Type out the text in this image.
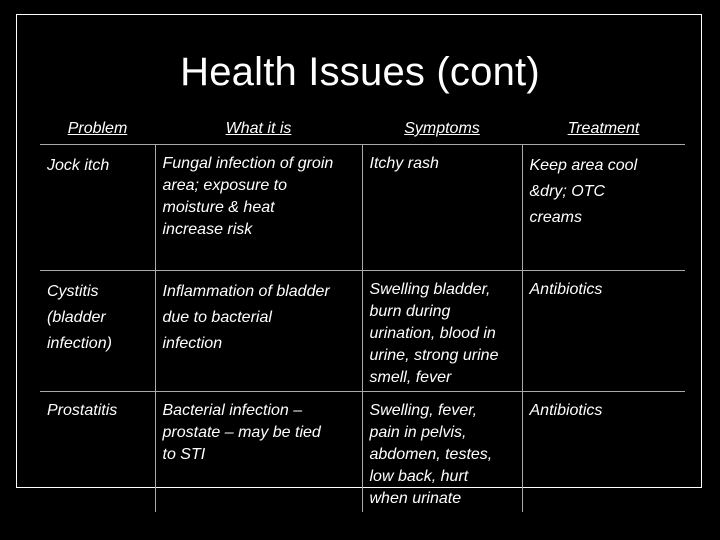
Health Issues (cont)
Problem	What it is	Symptoms	Treatment
Jock itch	Fungal infection of groin
area; exposure to
moisture & heat
increase risk	Itchy rash	Keep area cool
&dry; OTC
creams
Cystitis
(bladder
infection)	Inflammation of bladder
due to bacterial
infection	Swelling bladder,
burn during
urination, blood in
urine, strong urine
smell, fever	Antibiotics
Prostatitis	Bacterial infection –
prostate – may be tied
to STI	Swelling, fever,
pain in pelvis,
abdomen, testes,
low back, hurt
when urinate	Antibiotics
